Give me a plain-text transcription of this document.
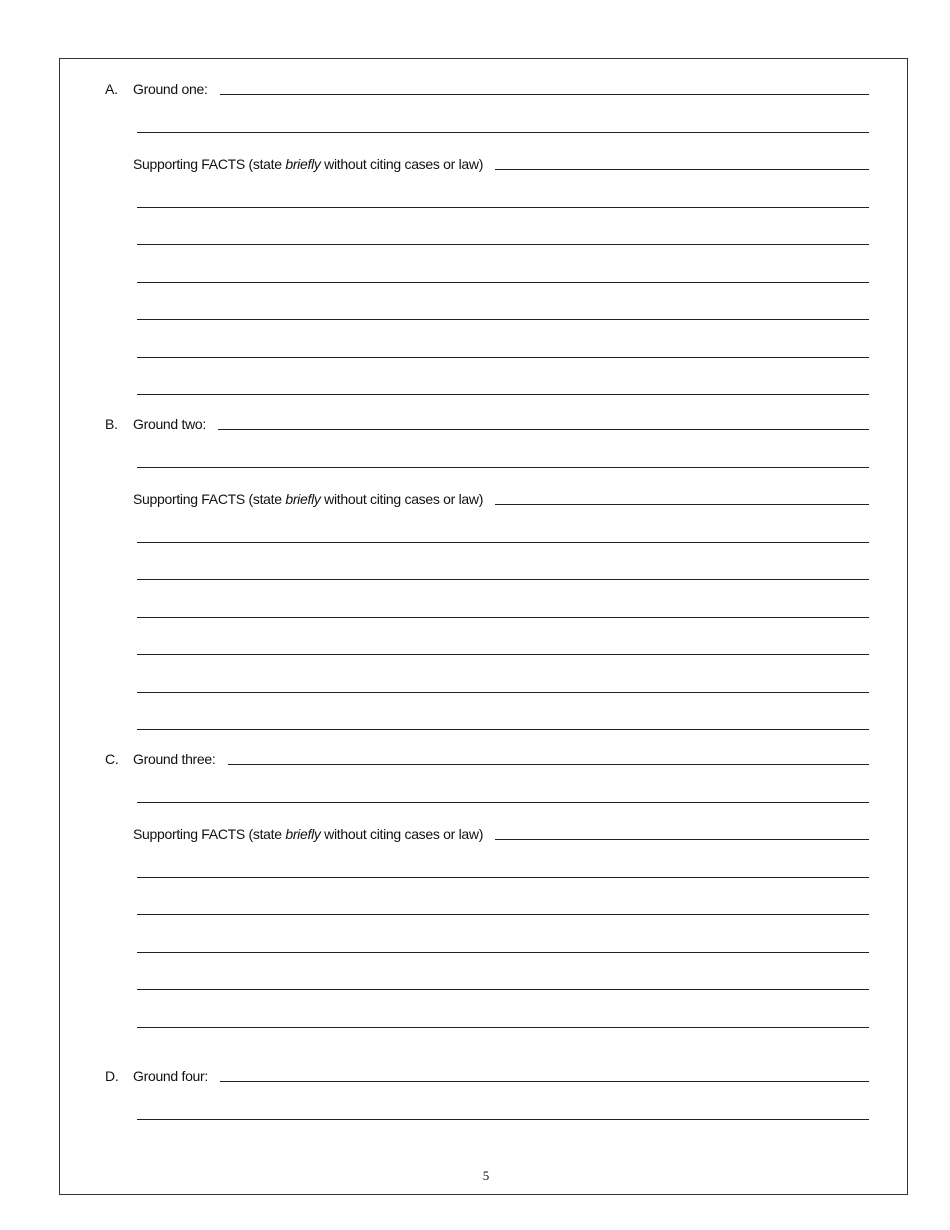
A. Ground one:
Supporting FACTS (state briefly without citing cases or law)
B. Ground two:
Supporting FACTS (state briefly without citing cases or law)
C. Ground three:
Supporting FACTS (state briefly without citing cases or law)
D. Ground four:
5
